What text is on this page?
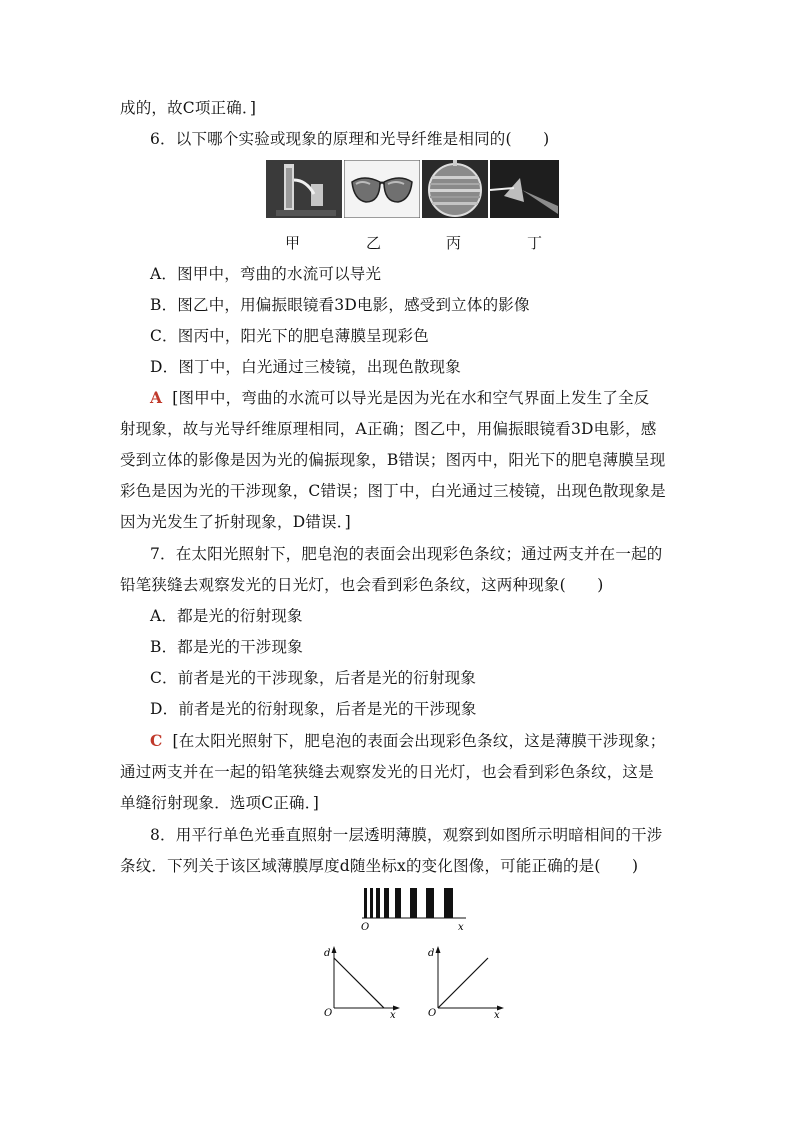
成的，故C项正确．]
6．以下哪个实验或现象的原理和光导纤维是相同的(　　)
甲	乙	丙	丁
A．图甲中，弯曲的水流可以导光
B．图乙中，用偏振眼镜看3D电影，感受到立体的影像
C．图丙中，阳光下的肥皂薄膜呈现彩色
D．图丁中，白光通过三棱镜，出现色散现象
A [图甲中，弯曲的水流可以导光是因为光在水和空气界面上发生了全反
射现象，故与光导纤维原理相同，A正确；图乙中，用偏振眼镜看3D电影，感
受到立体的影像是因为光的偏振现象，B错误；图丙中，阳光下的肥皂薄膜呈现
彩色是因为光的干涉现象，C错误；图丁中，白光通过三棱镜，出现色散现象是
因为光发生了折射现象，D错误．]
7．在太阳光照射下，肥皂泡的表面会出现彩色条纹；通过两支并在一起的
铅笔狭缝去观察发光的日光灯，也会看到彩色条纹，这两种现象(　　)
A．都是光的衍射现象
B．都是光的干涉现象
C．前者是光的干涉现象，后者是光的衍射现象
D．前者是光的衍射现象，后者是光的干涉现象
C [在太阳光照射下，肥皂泡的表面会出现彩色条纹，这是薄膜干涉现象；
通过两支并在一起的铅笔狭缝去观察发光的日光灯，也会看到彩色条纹，这是
单缝衍射现象．选项C正确．]
8．用平行单色光垂直照射一层透明薄膜，观察到如图所示明暗相间的干涉
条纹．下列关于该区域薄膜厚度d随坐标x的变化图像，可能正确的是(　　)
O	x
d
O	x
d
O	x
